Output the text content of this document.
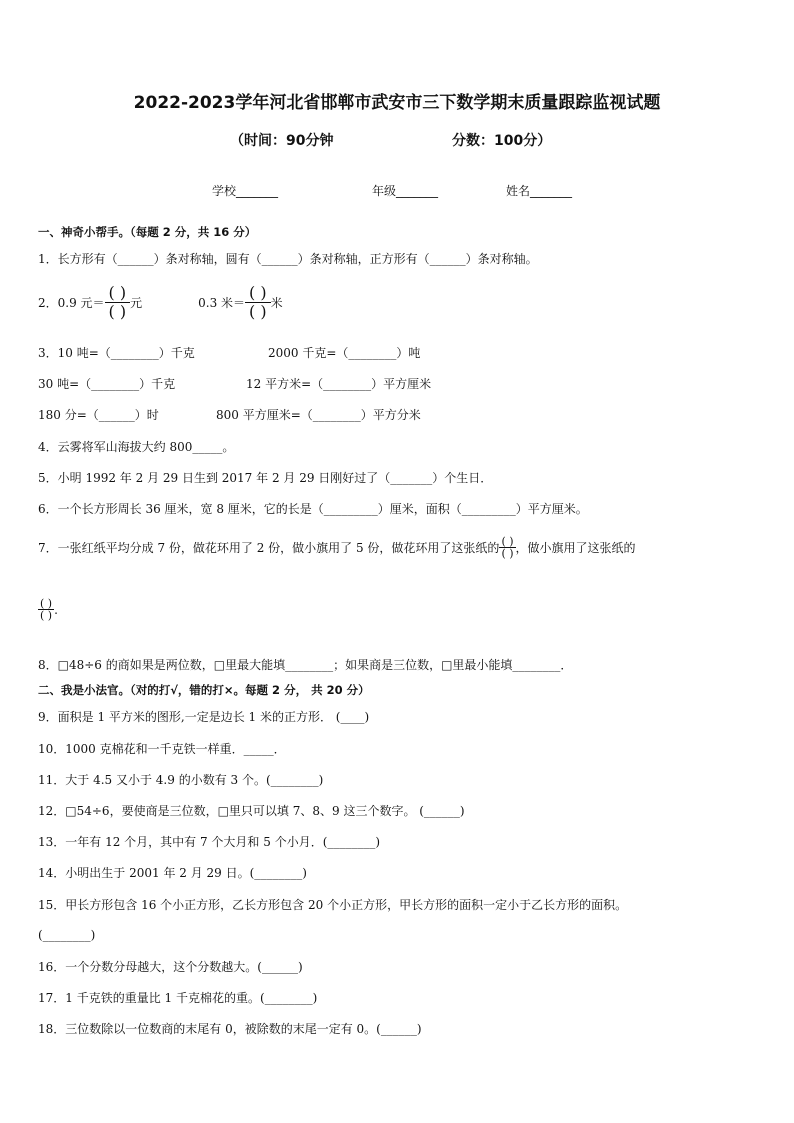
2022-2023学年河北省邯郸市武安市三下数学期末质量跟踪监视试题
（时间：90分钟	分数：100分）
学校_______	年级_______	姓名_______
一、神奇小帮手。（每题 2 分，共 16 分）
1．长方形有（______）条对称轴，圆有（______）条对称轴，正方形有（______）条对称轴。
2．0.9 元＝ $\frac{( )}{( )}$ 元	0.3 米＝ $\frac{( )}{( )}$ 米
3．10 吨=（________）千克	2000 千克=（________）吨
30 吨=（________）千克	12 平方米=（________）平方厘米
180 分=（______）时	800 平方厘米=（________）平方分米
4．云雾将军山海拔大约 800_____。
5．小明 1992 年 2 月 29 日生到 2017 年 2 月 29 日刚好过了（_______）个生日．
6．一个长方形周长 36 厘米，宽 8 厘米，它的长是（_________）厘米，面积（_________）平方厘米。
7．一张红纸平均分成 7 份，做花环用了 2 份，做小旗用了 5 份，做花环用了这张纸的 $\frac{( )}{( )}$ ，做小旗用了这张纸的
$\frac{( )}{( )}$ .
8．□48÷6 的商如果是两位数，□里最大能填________；如果商是三位数，□里最小能填________．
二、我是小法官。（对的打√，错的打×。每题 2 分， 共 20 分）
9．面积是 1 平方米的图形,一定是边长 1 米的正方形． (____)
10．1000 克棉花和一千克铁一样重．_____．
11．大于 4.5 又小于 4.9 的小数有 3 个。(________)
12．□54÷6，要使商是三位数，□里只可以填 7、8、9 这三个数字。 (______)
13．一年有 12 个月，其中有 7 个大月和 5 个小月．(________)
14．小明出生于 2001 年 2 月 29 日。(________)
15．甲长方形包含 16 个小正方形，乙长方形包含 20 个小正方形，甲长方形的面积一定小于乙长方形的面积。
(________)
16．一个分数分母越大，这个分数越大。(______)
17．1 千克铁的重量比 1 千克棉花的重。(________)
18．三位数除以一位数商的末尾有 0，被除数的末尾一定有 0。(______)
